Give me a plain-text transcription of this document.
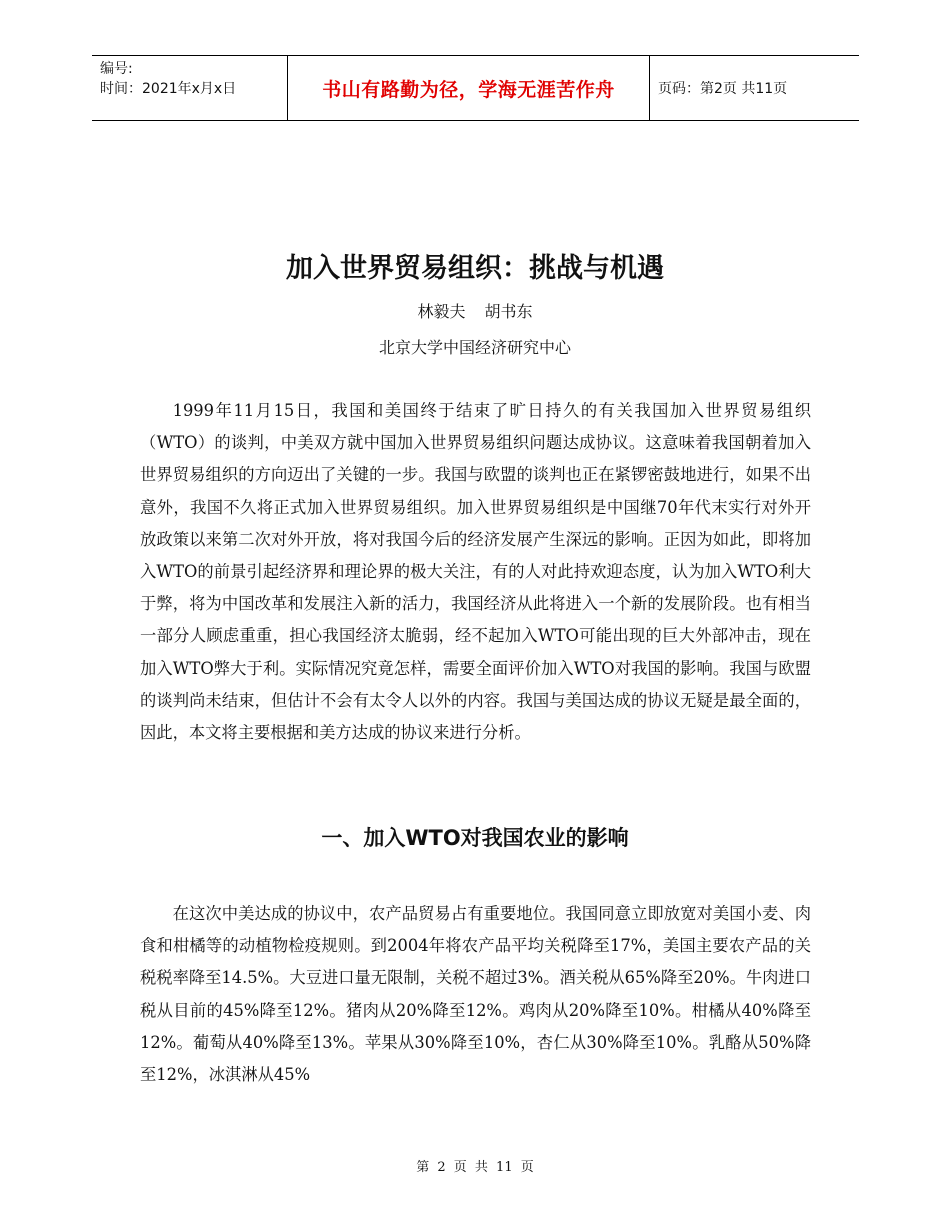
编号:
时间：2021年x月x日	书山有路勤为径，学海无涯苦作舟	页码：第2页 共11页
加入世界贸易组织：挑战与机遇
林毅夫 胡书东
北京大学中国经济研究中心

1999年11月15日，我国和美国终于结束了旷日持久的有关我国加入世界贸易组织（WTO）的谈判，中美双方就中国加入世界贸易组织问题达成协议。这意味着我国朝着加入世界贸易组织的方向迈出了关键的一步。我国与欧盟的谈判也正在紧锣密鼓地进行，如果不出意外，我国不久将正式加入世界贸易组织。加入世界贸易组织是中国继70年代末实行对外开放政策以来第二次对外开放，将对我国今后的经济发展产生深远的影响。正因为如此，即将加入WTO的前景引起经济界和理论界的极大关注，有的人对此持欢迎态度，认为加入WTO利大于弊，将为中国改革和发展注入新的活力，我国经济从此将进入一个新的发展阶段。也有相当一部分人顾虑重重，担心我国经济太脆弱，经不起加入WTO可能出现的巨大外部冲击，现在加入WTO弊大于利。实际情况究竟怎样，需要全面评价加入WTO对我国的影响。我国与欧盟的谈判尚未结束，但估计不会有太令人以外的内容。我国与美国达成的协议无疑是最全面的，因此，本文将主要根据和美方达成的协议来进行分析。

一、加入WTO对我国农业的影响

在这次中美达成的协议中，农产品贸易占有重要地位。我国同意立即放宽对美国小麦、肉食和柑橘等的动植物检疫规则。到2004年将农产品平均关税降至17%，美国主要农产品的关税税率降至14.5%。大豆进口量无限制，关税不超过3%。酒关税从65%降至20%。牛肉进口税从目前的45%降至12%。猪肉从20%降至12%。鸡肉从20%降至10%。柑橘从40%降至12%。葡萄从40%降至13%。苹果从30%降至10%，杏仁从30%降至10%。乳酪从50%降至12%，冰淇淋从45%

第 2 页 共 11 页
